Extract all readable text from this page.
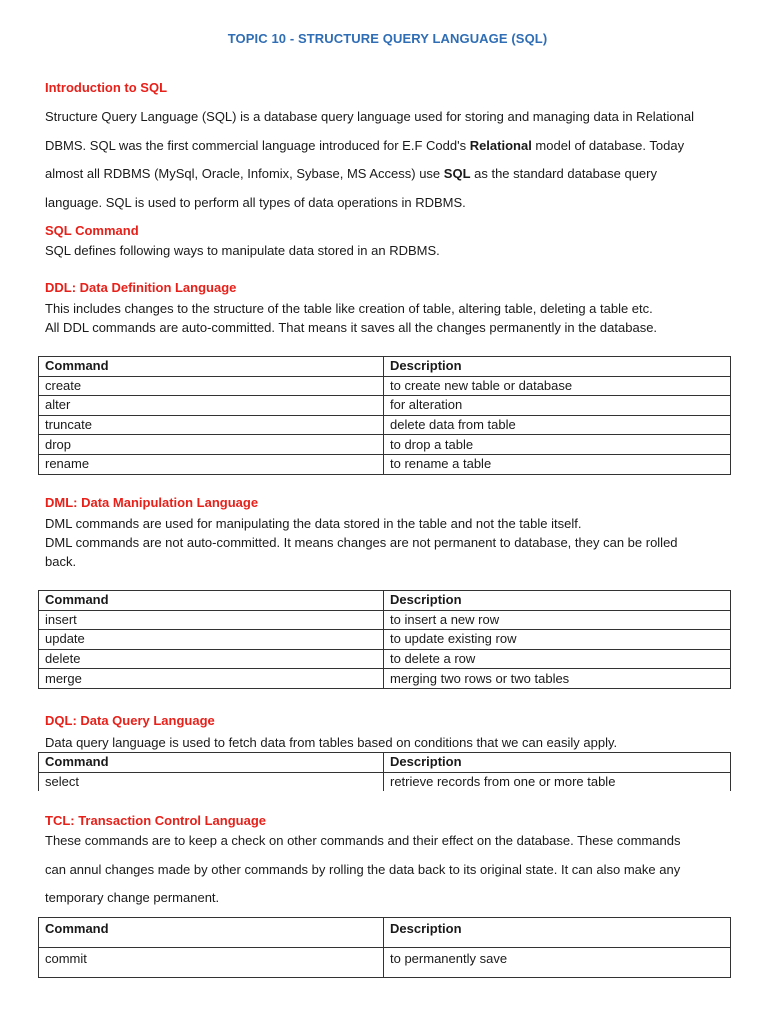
TOPIC 10 - STRUCTURE QUERY LANGUAGE (SQL)
Introduction to SQL
Structure Query Language (SQL) is a database query language used for storing and managing data in Relational
DBMS. SQL was the first commercial language introduced for E.F Codd's Relational model of database. Today
almost all RDBMS (MySql, Oracle, Infomix, Sybase, MS Access) use SQL as the standard database query
language. SQL is used to perform all types of data operations in RDBMS.
SQL Command
SQL defines following ways to manipulate data stored in an RDBMS.
DDL: Data Definition Language
This includes changes to the structure of the table like creation of table, altering table, deleting a table etc.
All DDL commands are auto-committed. That means it saves all the changes permanently in the database.
Command	Description
create	to create new table or database
alter	for alteration
truncate	delete data from table
drop	to drop a table
rename	to rename a table
DML: Data Manipulation Language
DML commands are used for manipulating the data stored in the table and not the table itself.
DML commands are not auto-committed. It means changes are not permanent to database, they can be rolled
back.
Command	Description
insert	to insert a new row
update	to update existing row
delete	to delete a row
merge	merging two rows or two tables
DQL: Data Query Language
Data query language is used to fetch data from tables based on conditions that we can easily apply.
Command	Description
select	retrieve records from one or more table
TCL: Transaction Control Language
These commands are to keep a check on other commands and their effect on the database. These commands
can annul changes made by other commands by rolling the data back to its original state. It can also make any
temporary change permanent.
Command	Description
commit	to permanently save
